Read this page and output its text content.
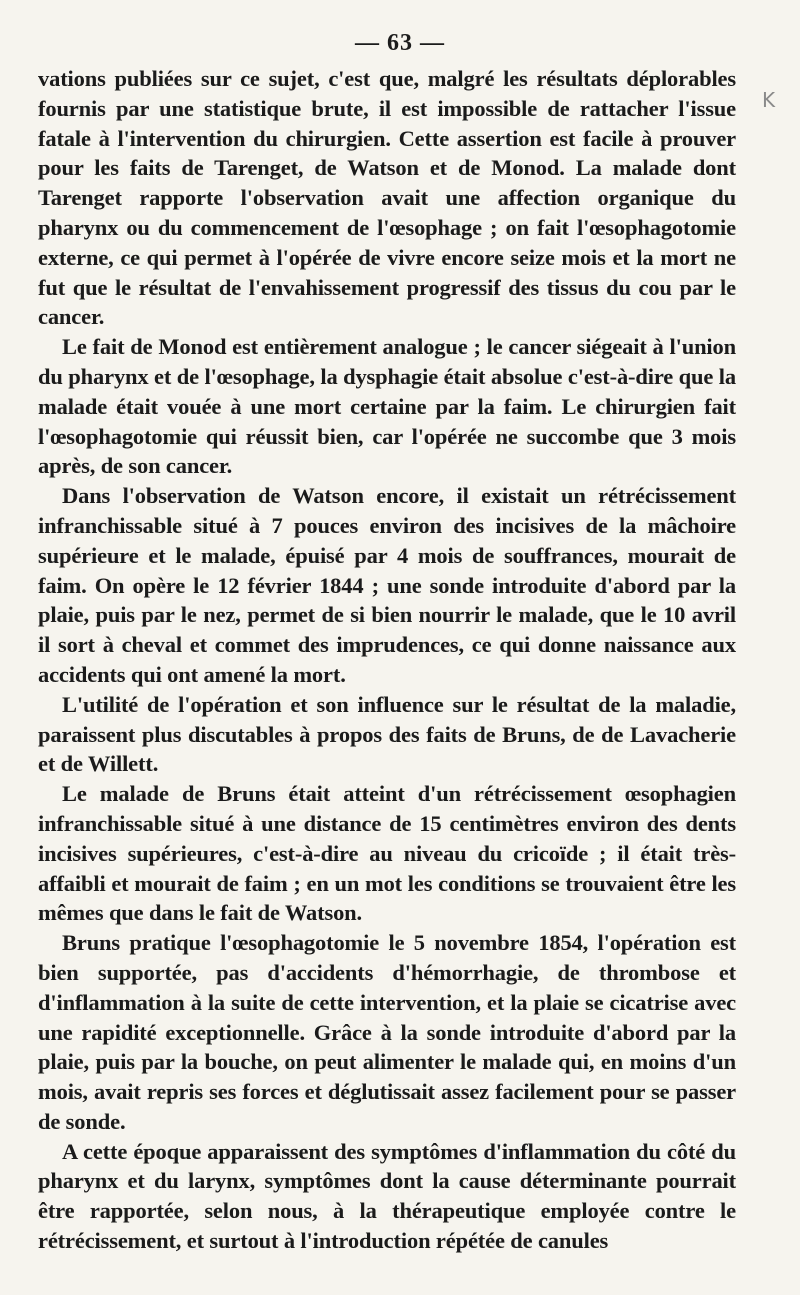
— 63 —
K

vations publiées sur ce sujet, c'est que, malgré les résultats déplorables fournis par une statistique brute, il est impossible de rattacher l'issue fatale à l'intervention du chirurgien. Cette assertion est facile à prouver pour les faits de Tarenget, de Watson et de Monod. La malade dont Tarenget rapporte l'observation avait une affection organique du pharynx ou du commencement de l'œsophage ; on fait l'œsophagotomie externe, ce qui permet à l'opérée de vivre encore seize mois et la mort ne fut que le résultat de l'envahissement progressif des tissus du cou par le cancer.

Le fait de Monod est entièrement analogue ; le cancer siégeait à l'union du pharynx et de l'œsophage, la dysphagie était absolue c'est-à-dire que la malade était vouée à une mort certaine par la faim. Le chirurgien fait l'œsophagotomie qui réussit bien, car l'opérée ne succombe que 3 mois après, de son cancer.

Dans l'observation de Watson encore, il existait un rétrécissement infranchissable situé à 7 pouces environ des incisives de la mâchoire supérieure et le malade, épuisé par 4 mois de souffrances, mourait de faim. On opère le 12 février 1844 ; une sonde introduite d'abord par la plaie, puis par le nez, permet de si bien nourrir le malade, que le 10 avril il sort à cheval et commet des imprudences, ce qui donne naissance aux accidents qui ont amené la mort.

L'utilité de l'opération et son influence sur le résultat de la maladie, paraissent plus discutables à propos des faits de Bruns, de de Lavacherie et de Willett.

Le malade de Bruns était atteint d'un rétrécissement œsophagien infranchissable situé à une distance de 15 centimètres environ des dents incisives supérieures, c'est-à-dire au niveau du cricoïde ; il était très-affaibli et mourait de faim ; en un mot les conditions se trouvaient être les mêmes que dans le fait de Watson.

Bruns pratique l'œsophagotomie le 5 novembre 1854, l'opération est bien supportée, pas d'accidents d'hémorrhagie, de thrombose et d'inflammation à la suite de cette intervention, et la plaie se cicatrise avec une rapidité exceptionnelle. Grâce à la sonde introduite d'abord par la plaie, puis par la bouche, on peut alimenter le malade qui, en moins d'un mois, avait repris ses forces et déglutissait assez facilement pour se passer de sonde.

A cette époque apparaissent des symptômes d'inflammation du côté du pharynx et du larynx, symptômes dont la cause déterminante pourrait être rapportée, selon nous, à la thérapeutique employée contre le rétrécissement, et surtout à l'introduction répétée de canules
